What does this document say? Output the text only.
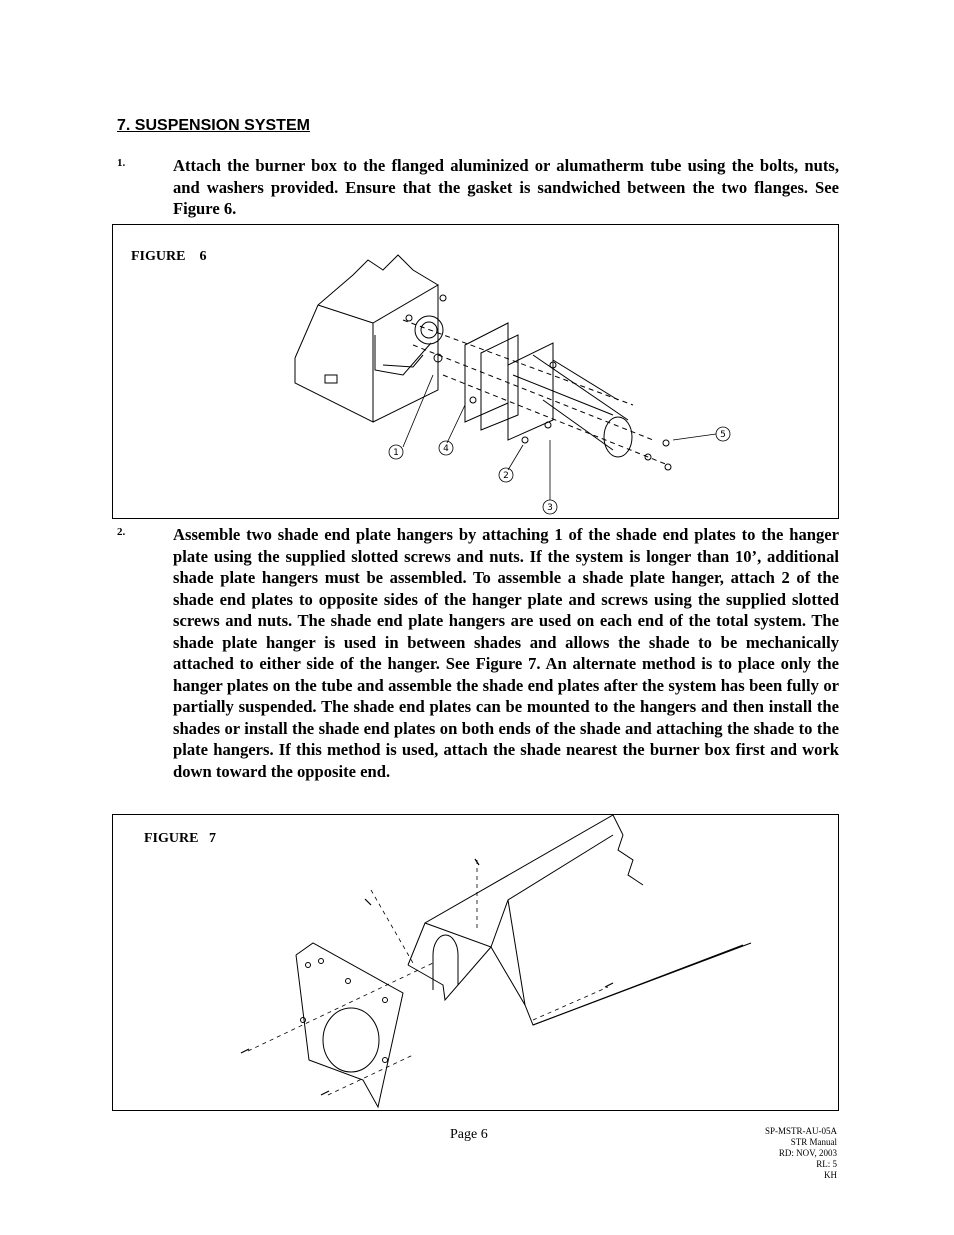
7. SUSPENSION SYSTEM
1.	Attach the burner box to the flanged aluminized or alumatherm tube using the bolts, nuts, and washers provided. Ensure that the gasket is sandwiched between the two flanges. See Figure 6.
FIGURE    6
1	4
2
3
5
2.	Assemble two shade end plate hangers by attaching 1 of the shade end plates to the hanger plate using the supplied slotted screws and nuts. If the system is longer than 10’, additional shade plate hangers must be assembled. To assemble a shade plate hanger, attach 2 of the shade end plates to opposite sides of the hanger plate and screws using the supplied slotted screws and nuts. The shade end plate hangers are used on each end of the total system. The shade plate hanger is used in between shades and allows the shade to be mechanically attached to either side of the hanger. See Figure 7. An alternate method is to place only the hanger plates on the tube and assemble the shade end plates after the system has been fully or partially suspended. The shade end plates can be mounted to the hangers and then install the shades or install the shade end plates on both ends of the shade and attaching the shade to the plate hangers. If this method is used, attach the shade nearest the burner box first and work down toward the opposite end.
FIGURE   7
Page 6	SP-MSTR-AU-05A
STR Manual
RD: NOV, 2003
RL: 5
KH
